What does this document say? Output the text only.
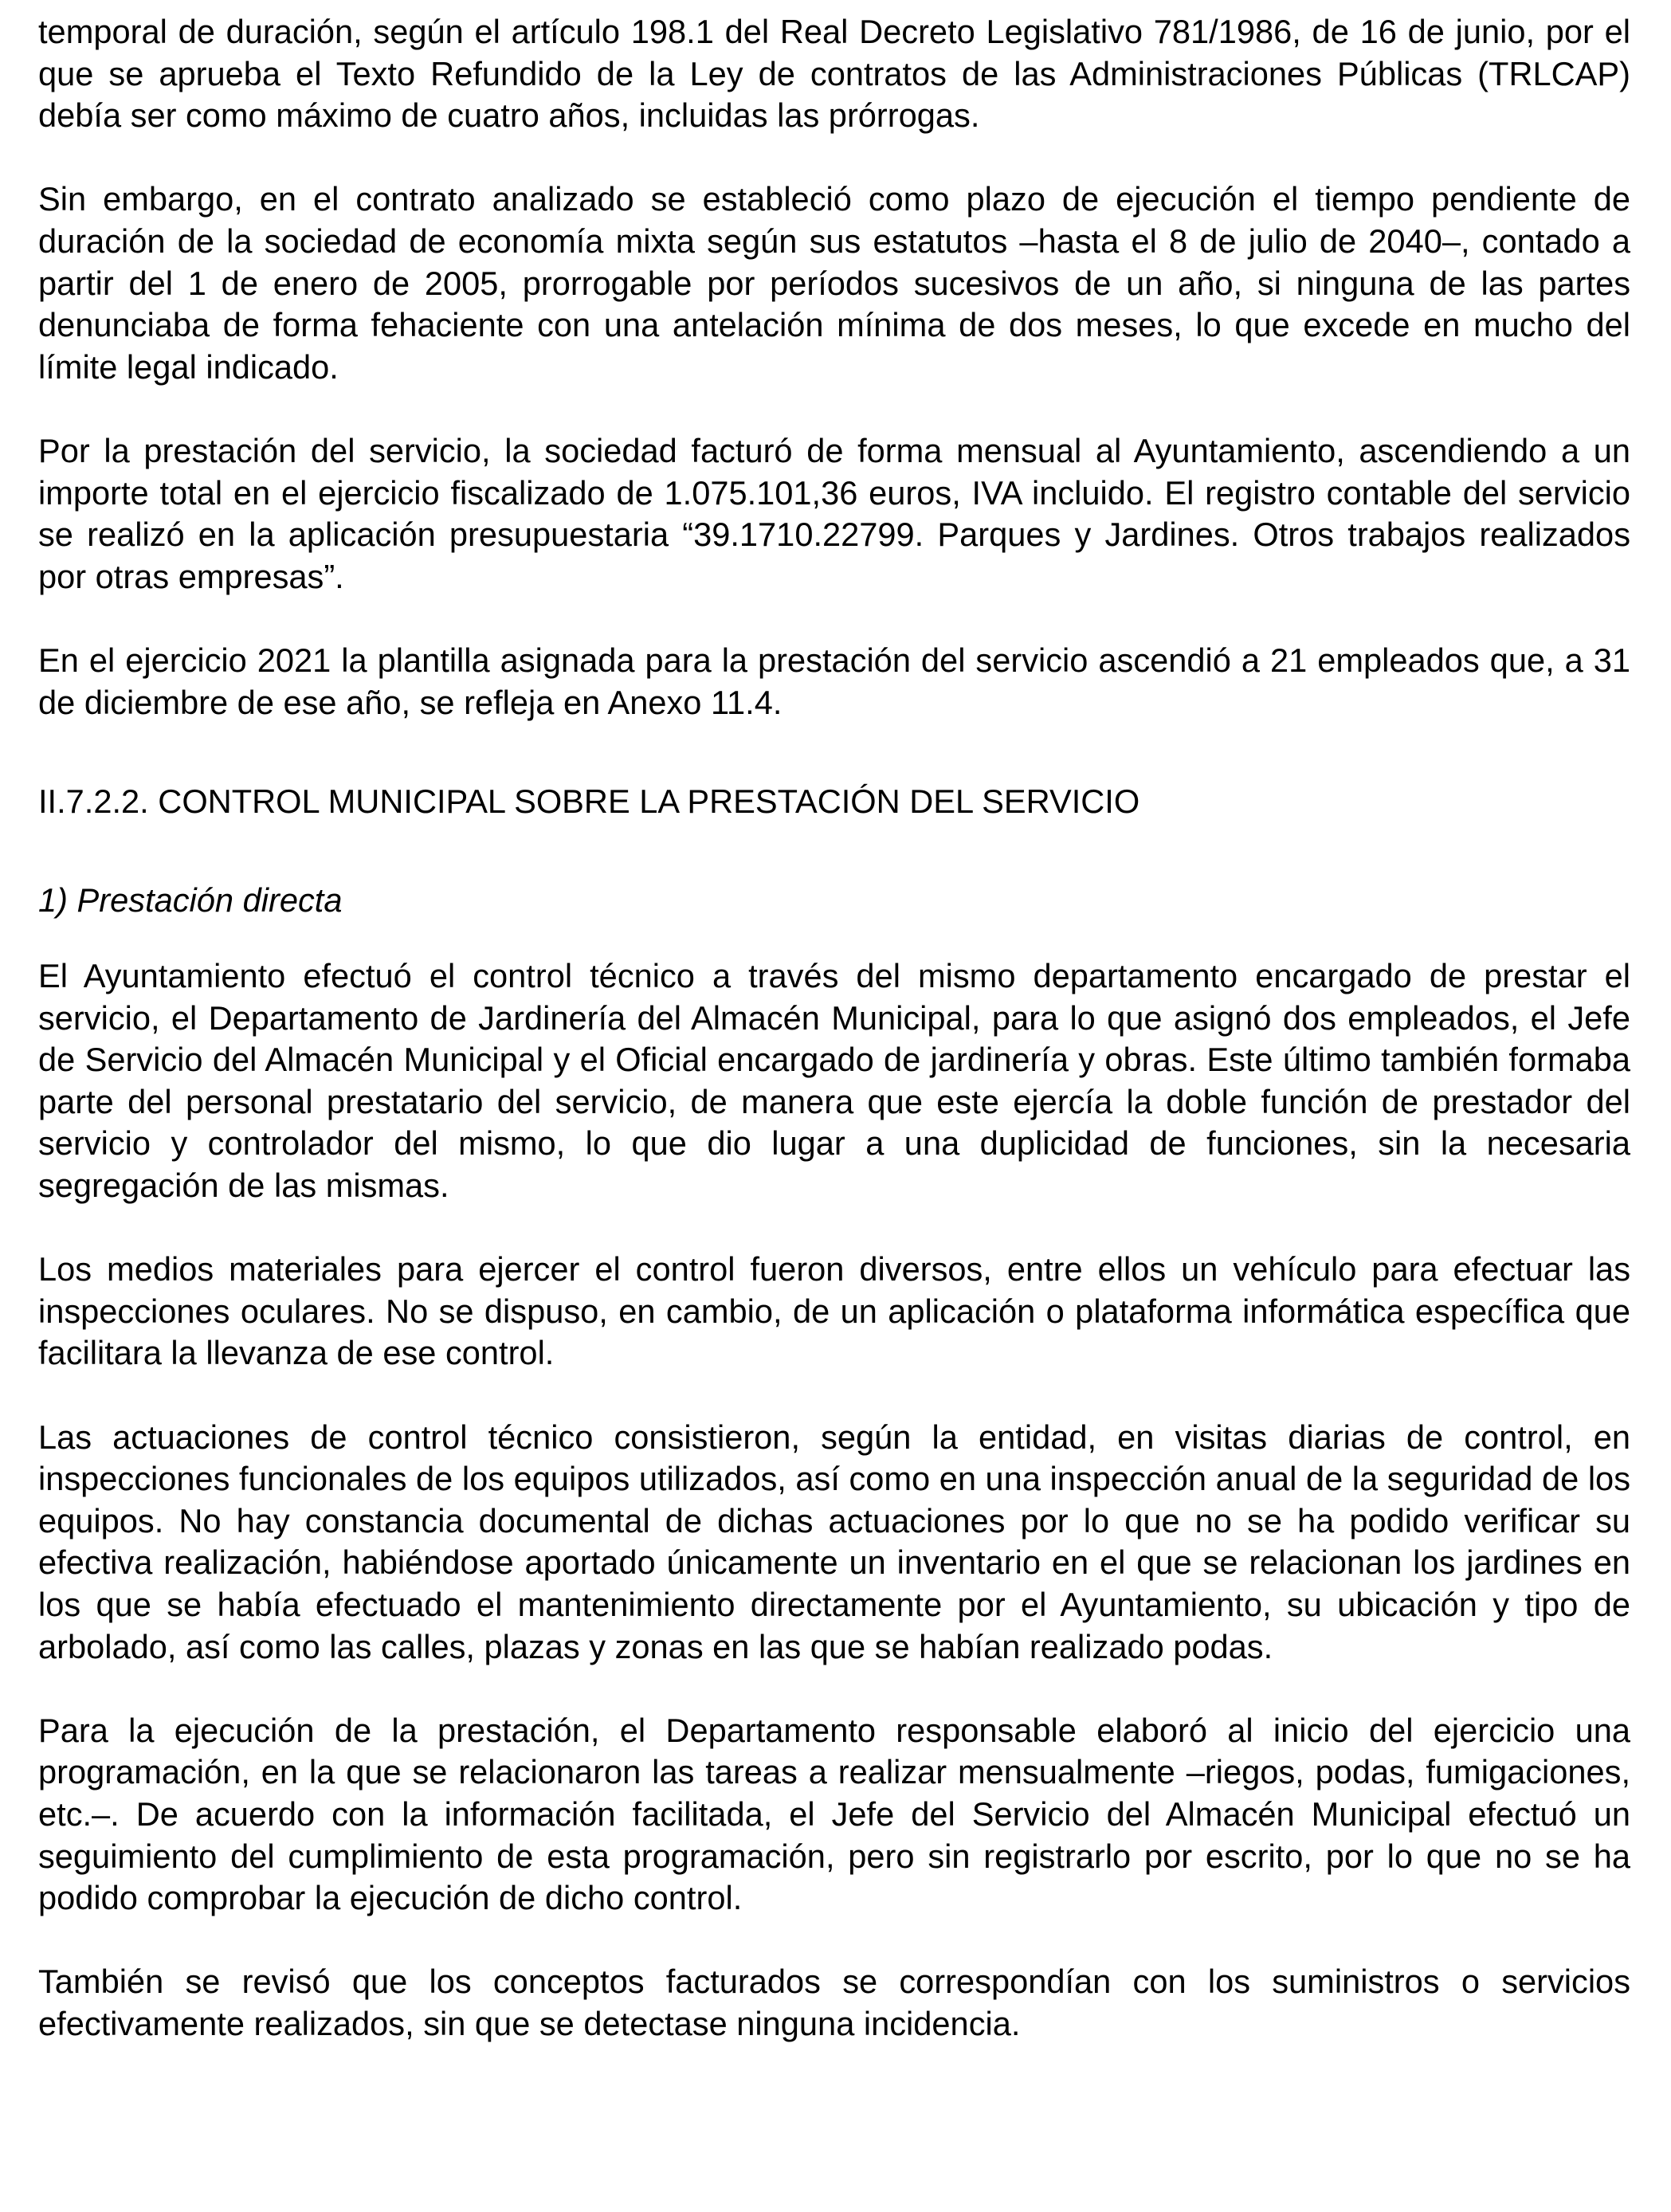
temporal de duración, según el artículo 198.1 del Real Decreto Legislativo 781/1986, de 16 de junio, por el que se aprueba el Texto Refundido de la Ley de contratos de las Administraciones Públicas (TRLCAP) debía ser como máximo de cuatro años, incluidas las prórrogas.

Sin embargo, en el contrato analizado se estableció como plazo de ejecución el tiempo pendiente de duración de la sociedad de economía mixta según sus estatutos –hasta el 8 de julio de 2040–, contado a partir del 1 de enero de 2005, prorrogable por períodos sucesivos de un año, si ninguna de las partes denunciaba de forma fehaciente con una antelación mínima de dos meses, lo que excede en mucho del límite legal indicado.

Por la prestación del servicio, la sociedad facturó de forma mensual al Ayuntamiento, ascendiendo a un importe total en el ejercicio fiscalizado de 1.075.101,36 euros, IVA incluido. El registro contable del servicio se realizó en la aplicación presupuestaria “39.1710.22799. Parques y Jardines. Otros trabajos realizados por otras empresas”.

En el ejercicio 2021 la plantilla asignada para la prestación del servicio ascendió a 21 empleados que, a 31 de diciembre de ese año, se refleja en Anexo 11.4.

II.7.2.2. CONTROL MUNICIPAL SOBRE LA PRESTACIÓN DEL SERVICIO

1) Prestación directa

El Ayuntamiento efectuó el control técnico a través del mismo departamento encargado de prestar el servicio, el Departamento de Jardinería del Almacén Municipal, para lo que asignó dos empleados, el Jefe de Servicio del Almacén Municipal y el Oficial encargado de jardinería y obras. Este último también formaba parte del personal prestatario del servicio, de manera que este ejercía la doble función de prestador del servicio y controlador del mismo, lo que dio lugar a una duplicidad de funciones, sin la necesaria segregación de las mismas.

Los medios materiales para ejercer el control fueron diversos, entre ellos un vehículo para efectuar las inspecciones oculares. No se dispuso, en cambio, de un aplicación o plataforma informática específica que facilitara la llevanza de ese control.

Las actuaciones de control técnico consistieron, según la entidad, en visitas diarias de control, en inspecciones funcionales de los equipos utilizados, así como en una inspección anual de la seguridad de los equipos. No hay constancia documental de dichas actuaciones por lo que no se ha podido verificar su efectiva realización, habiéndose aportado únicamente un inventario en el que se relacionan los jardines en los que se había efectuado el mantenimiento directamente por el Ayuntamiento, su ubicación y tipo de arbolado, así como las calles, plazas y zonas en las que se habían realizado podas.

Para la ejecución de la prestación, el Departamento responsable elaboró al inicio del ejercicio una programación, en la que se relacionaron las tareas a realizar mensualmente –riegos, podas, fumigaciones, etc.–. De acuerdo con la información facilitada, el Jefe del Servicio del Almacén Municipal efectuó un seguimiento del cumplimiento de esta programación, pero sin registrarlo por escrito, por lo que no se ha podido comprobar la ejecución de dicho control.

También se revisó que los conceptos facturados se correspondían con los suministros o servicios efectivamente realizados, sin que se detectase ninguna incidencia.
